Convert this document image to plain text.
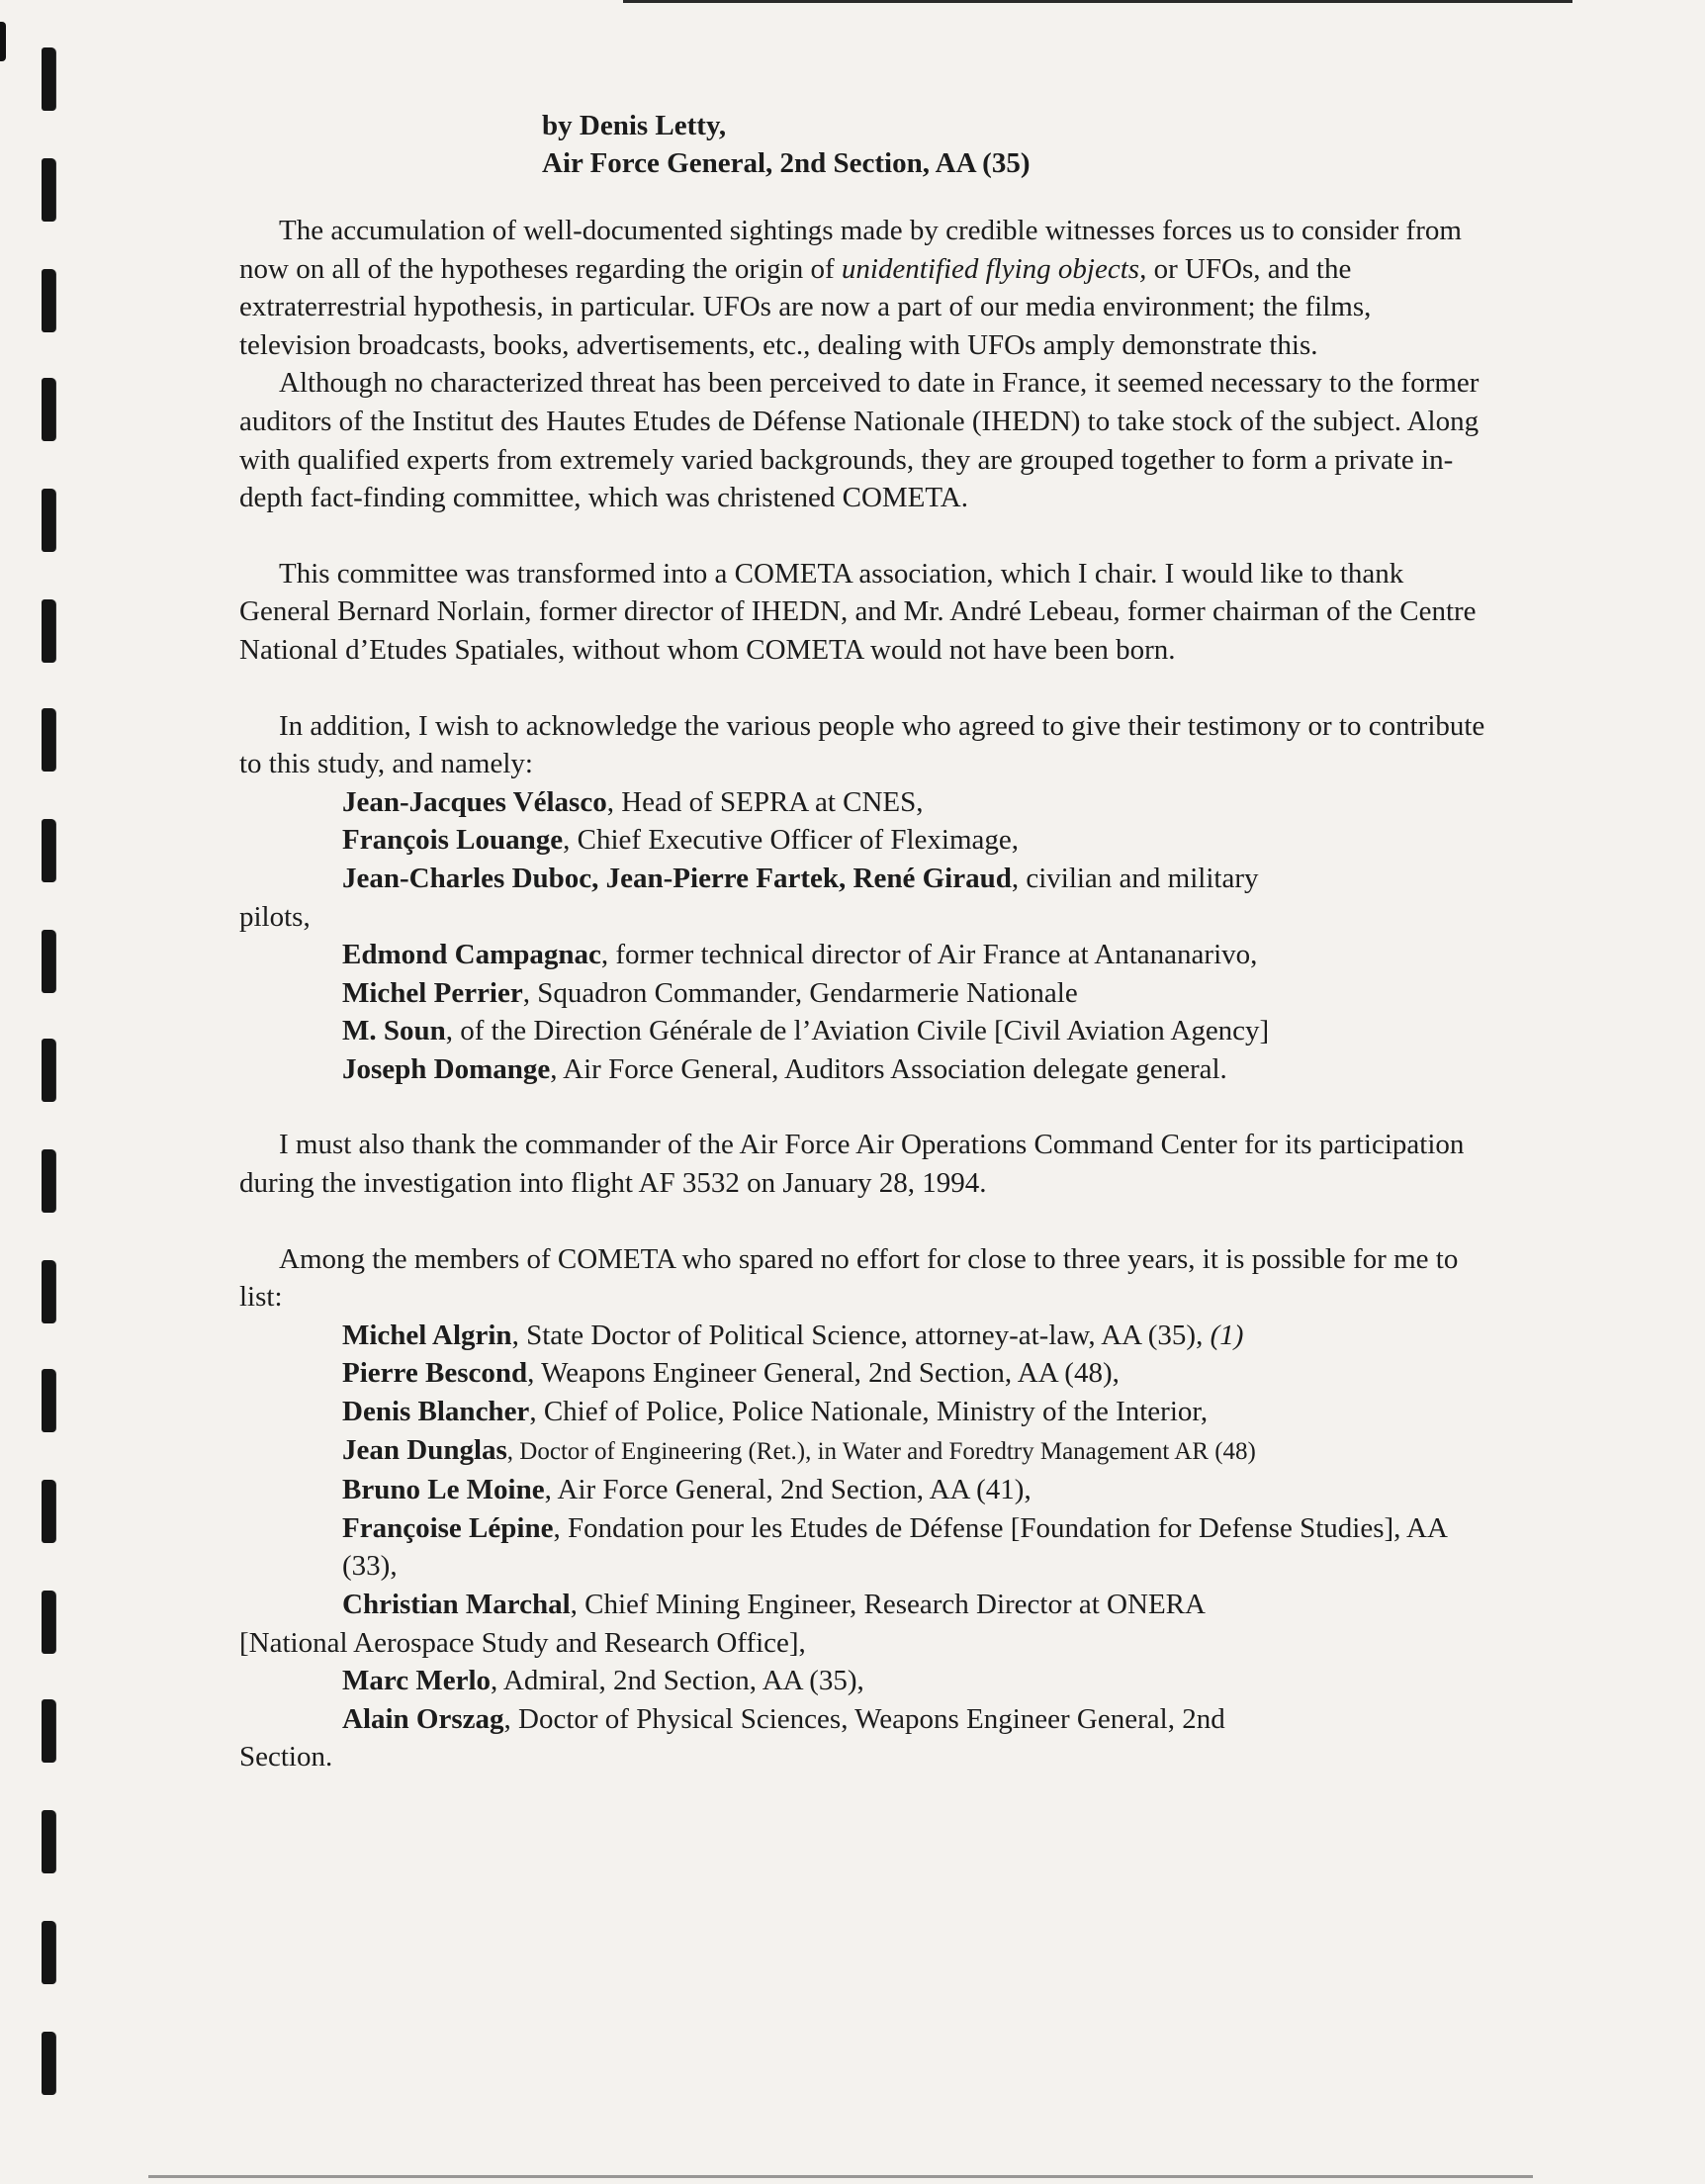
by Denis Letty,
Air Force General, 2nd Section, AA (35)

The accumulation of well-documented sightings made by credible witnesses forces us to consider from now on all of the hypotheses regarding the origin of unidentified flying objects, or UFOs, and the extraterrestrial hypothesis, in particular. UFOs are now a part of our media environment; the films, television broadcasts, books, advertisements, etc., dealing with UFOs amply demonstrate this.

Although no characterized threat has been perceived to date in France, it seemed necessary to the former auditors of the Institut des Hautes Etudes de Défense Nationale (IHEDN) to take stock of the subject. Along with qualified experts from extremely varied backgrounds, they are grouped together to form a private in-depth fact-finding committee, which was christened COMETA.

This committee was transformed into a COMETA association, which I chair. I would like to thank General Bernard Norlain, former director of IHEDN, and Mr. André Lebeau, former chairman of the Centre National d’Etudes Spatiales, without whom COMETA would not have been born.

In addition, I wish to acknowledge the various people who agreed to give their testimony or to contribute to this study, and namely:

Jean-Jacques Vélasco, Head of SEPRA at CNES,
François Louange, Chief Executive Officer of Fleximage,
Jean-Charles Duboc, Jean-Pierre Fartek, René Giraud, civilian and military
pilots,
Edmond Campagnac, former technical director of Air France at Antananarivo,
Michel Perrier, Squadron Commander, Gendarmerie Nationale
M. Soun, of the Direction Générale de l’Aviation Civile [Civil Aviation Agency]
Joseph Domange, Air Force General, Auditors Association delegate general.

I must also thank the commander of the Air Force Air Operations Command Center for its participation during the investigation into flight AF 3532 on January 28, 1994.

Among the members of COMETA who spared no effort for close to three years, it is possible for me to list:

Michel Algrin, State Doctor of Political Science, attorney-at-law, AA (35), (1)
Pierre Bescond, Weapons Engineer General, 2nd Section, AA (48),
Denis Blancher, Chief of Police, Police Nationale, Ministry of the Interior,
Jean Dunglas, Doctor of Engineering (Ret.), in Water and Foredtry Management AR (48)
Bruno Le Moine, Air Force General, 2nd Section, AA (41),
Françoise Lépine, Fondation pour les Etudes de Défense [Foundation for Defense Studies], AA (33),
Christian Marchal, Chief Mining Engineer, Research Director at ONERA
[National Aerospace Study and Research Office],
Marc Merlo, Admiral, 2nd Section, AA (35),
Alain Orszag, Doctor of Physical Sciences, Weapons Engineer General, 2nd
Section.
